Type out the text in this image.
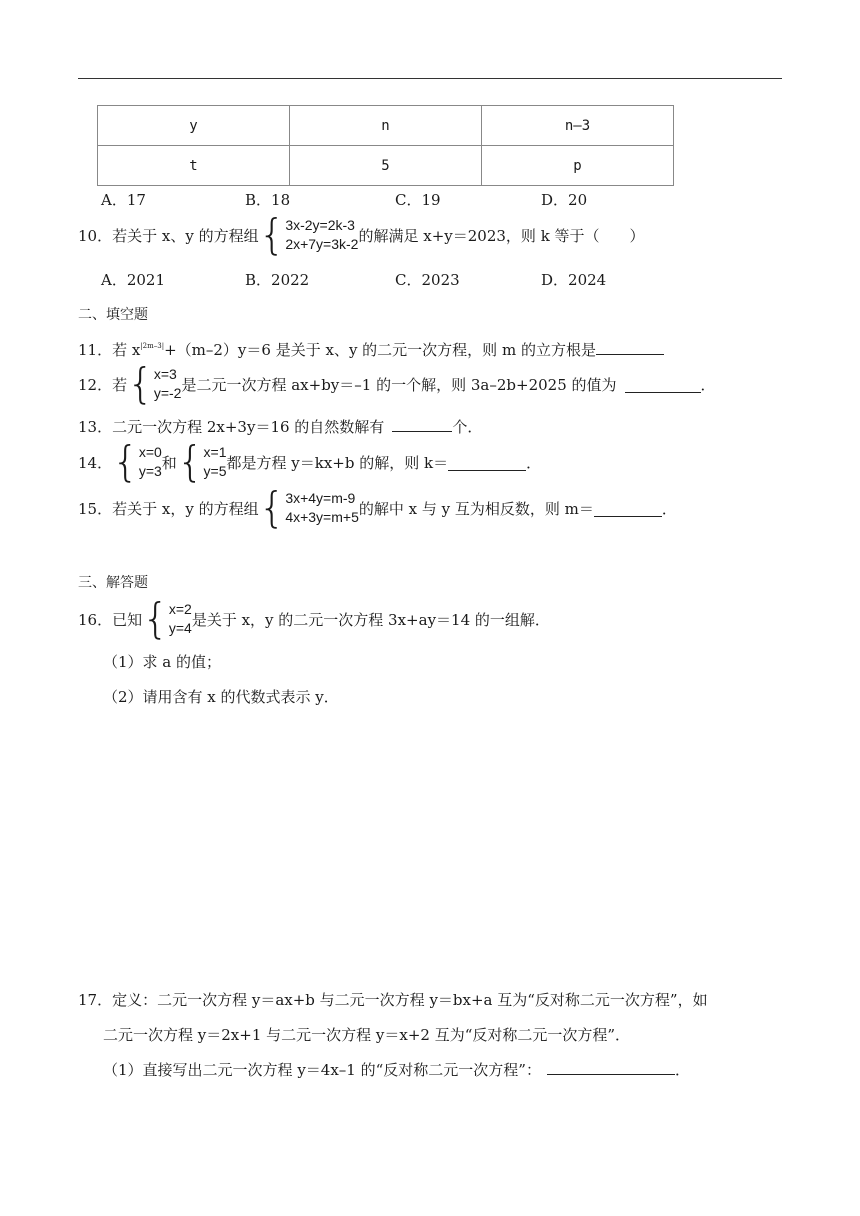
y	n	n–3
t	5	p
A．17	B．18	C．19	D．20
10． 若关于 x、y 的方程组 { 3x-2y=2k-3
2x+7y=3k-2 的解满足 x+y＝2023，则 k 等于（　　）
A．2021	B．2022	C．2023	D．2024
二、填空题
11．若 $x^{|2m-3|}+(m-2)y=6$ 是关于 x、y 的二元一次方程，则 m 的立方根是
12． 若 { x=3
y=-2 是二元一次方程 ax+by＝–1 的一个解，则 3a–2b+2025 的值为	．
13．二元一次方程 2x+3y＝16 的自然数解有	个．
14． { x=0
y=3 和 { x=1
y=5 都是方程 y＝kx+b 的解，则 k＝	．
15． 若关于 x，y 的方程组 { 3x+4y=m-9
4x+3y=m+5 的解中 x 与 y 互为相反数，则 m＝	．
三、解答题
16． 已知 { x=2
y=4 是关于 x，y 的二元一次方程 3x+ay＝14 的一组解．
（1）求 a 的值；
（2）请用含有 x 的代数式表示 y．
17．定义：二元一次方程 y＝ax+b 与二元一次方程 y＝bx+a 互为“反对称二元一次方程”，如
二元一次方程 y＝2x+1 与二元一次方程 y＝x+2 互为“反对称二元一次方程”．
（1）直接写出二元一次方程 y＝4x–1 的“反对称二元一次方程”：	．
